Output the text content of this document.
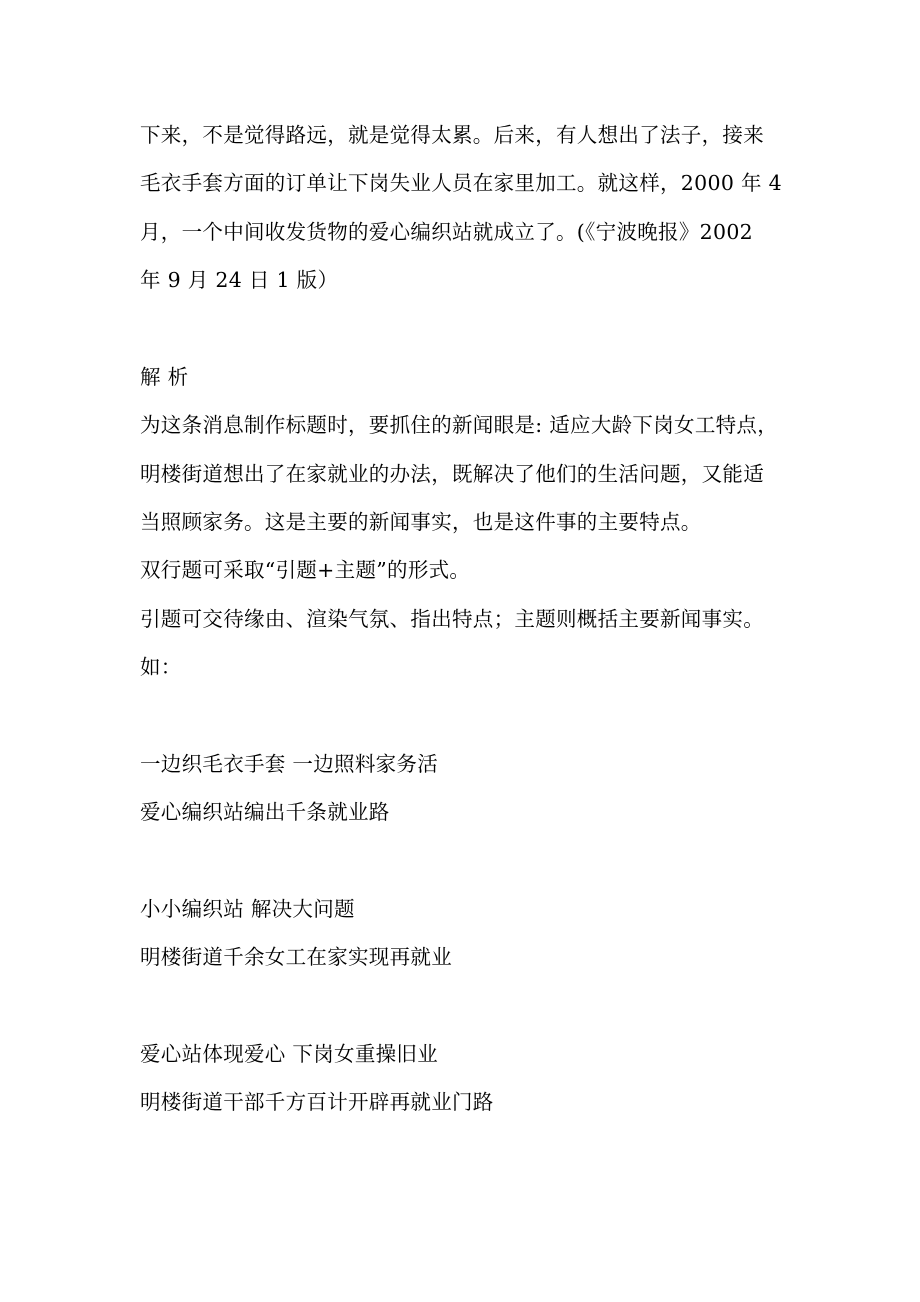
下来，不是觉得路远，就是觉得太累。后来，有人想出了法子，接来
毛衣手套方面的订单让下岗失业人员在家里加工。就这样，2000 年 4
月，一个中间收发货物的爱心编织站就成立了。(《宁波晚报》2002
年 9 月 24 日 1 版）
解 析
为这条消息制作标题时，要抓住的新闻眼是: 适应大龄下岗女工特点，
明楼街道想出了在家就业的办法，既解决了他们的生活问题，又能适
当照顾家务。这是主要的新闻事实，也是这件事的主要特点。
双行题可采取“引题+主题”的形式。
引题可交待缘由、渲染气氛、指出特点；主题则概括主要新闻事实。
如：
一边织毛衣手套 一边照料家务活
爱心编织站编出千条就业路
小小编织站 解决大问题
明楼街道千余女工在家实现再就业
爱心站体现爱心 下岗女重操旧业
明楼街道干部千方百计开辟再就业门路
